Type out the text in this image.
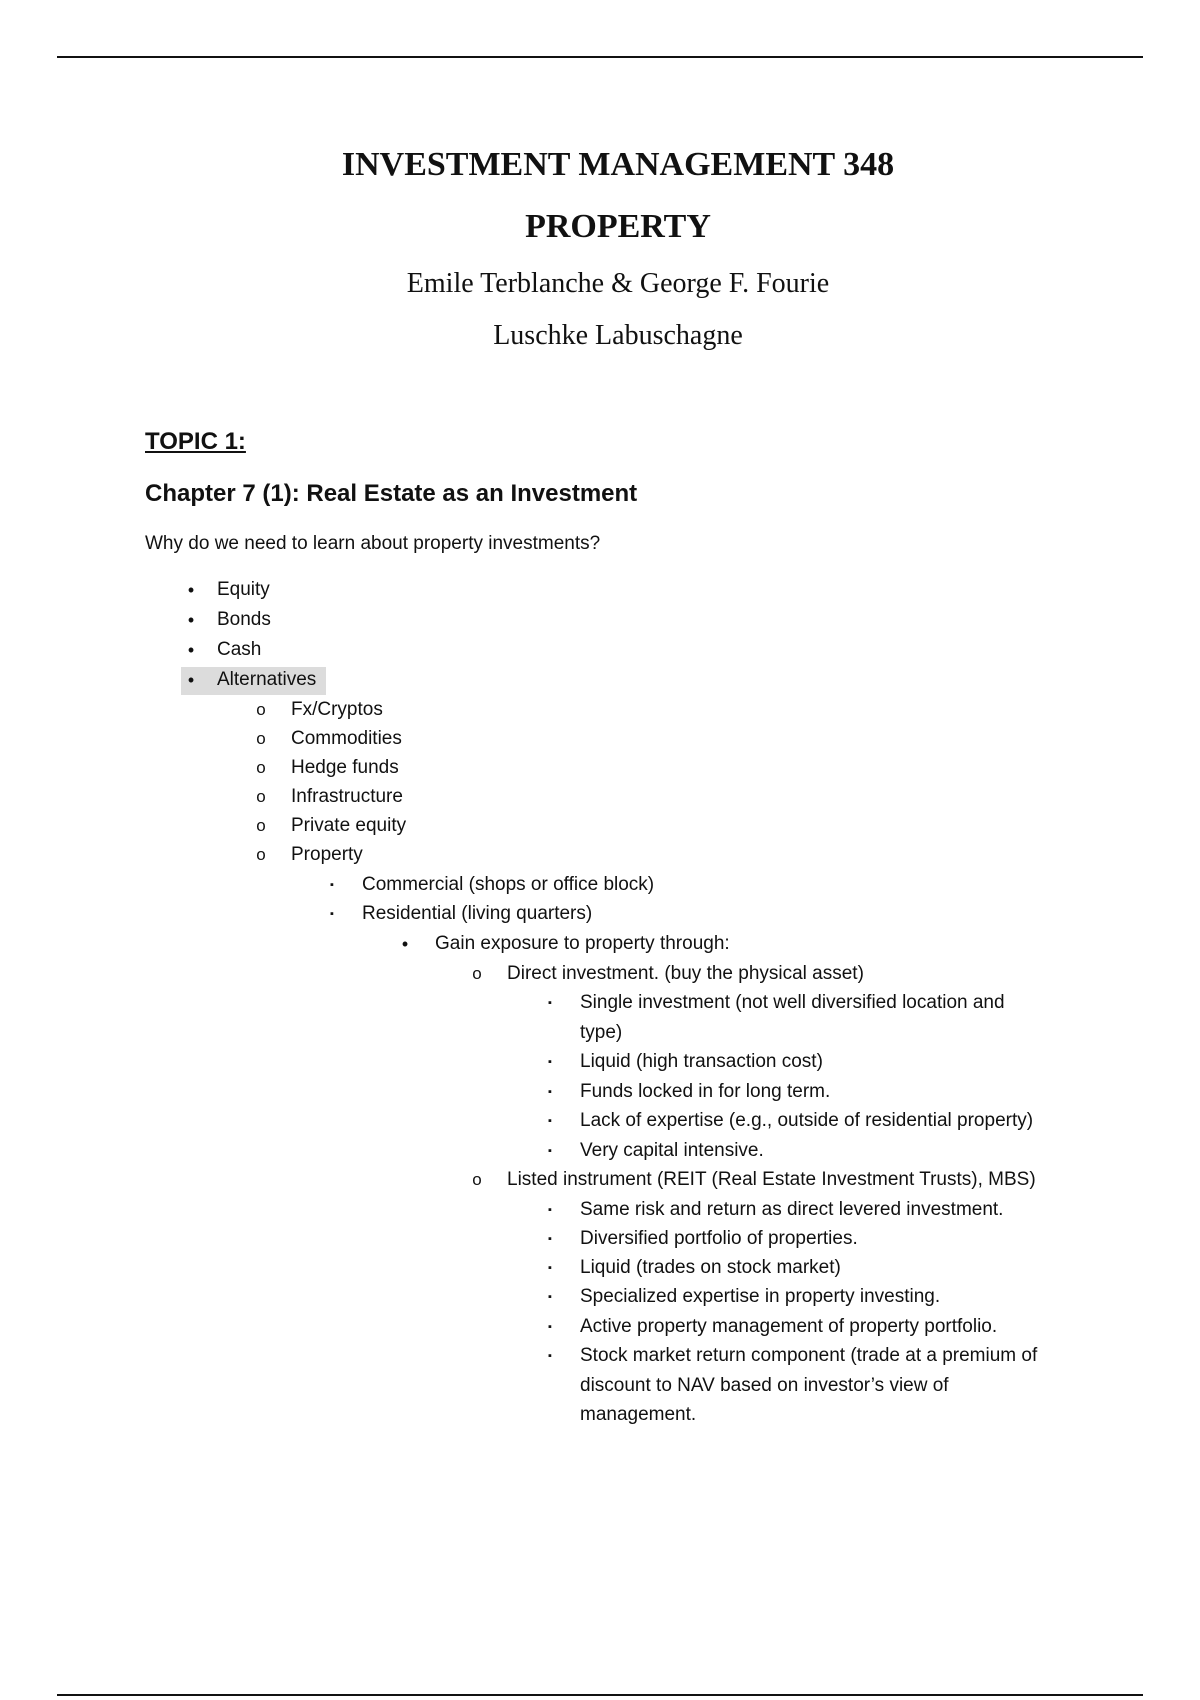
INVESTMENT MANAGEMENT 348
PROPERTY
Emile Terblanche & George F. Fourie
Luschke Labuschagne
TOPIC 1:
Chapter 7 (1): Real Estate as an Investment
Why do we need to learn about property investments?
•	Equity
•	Bonds
•	Cash
•	Alternatives
o Fx/Cryptos
o Commodities
o Hedge funds
o Infrastructure
o Private equity
o Property
▪	Commercial (shops or office block)
▪	Residential (living quarters)
•	Gain exposure to property through:
o Direct investment. (buy the physical asset)
▪	Single investment (not well diversified location and
type)
▪	Liquid (high transaction cost)
▪	Funds locked in for long term.
▪	Lack of expertise (e.g., outside of residential property)
▪	Very capital intensive.
o Listed instrument (REIT (Real Estate Investment Trusts), MBS)
▪	Same risk and return as direct levered investment.
▪	Diversified portfolio of properties.
▪	Liquid (trades on stock market)
▪	Specialized expertise in property investing.
▪	Active property management of property portfolio.
▪	Stock market return component (trade at a premium of
discount to NAV based on investor’s view of
management.
